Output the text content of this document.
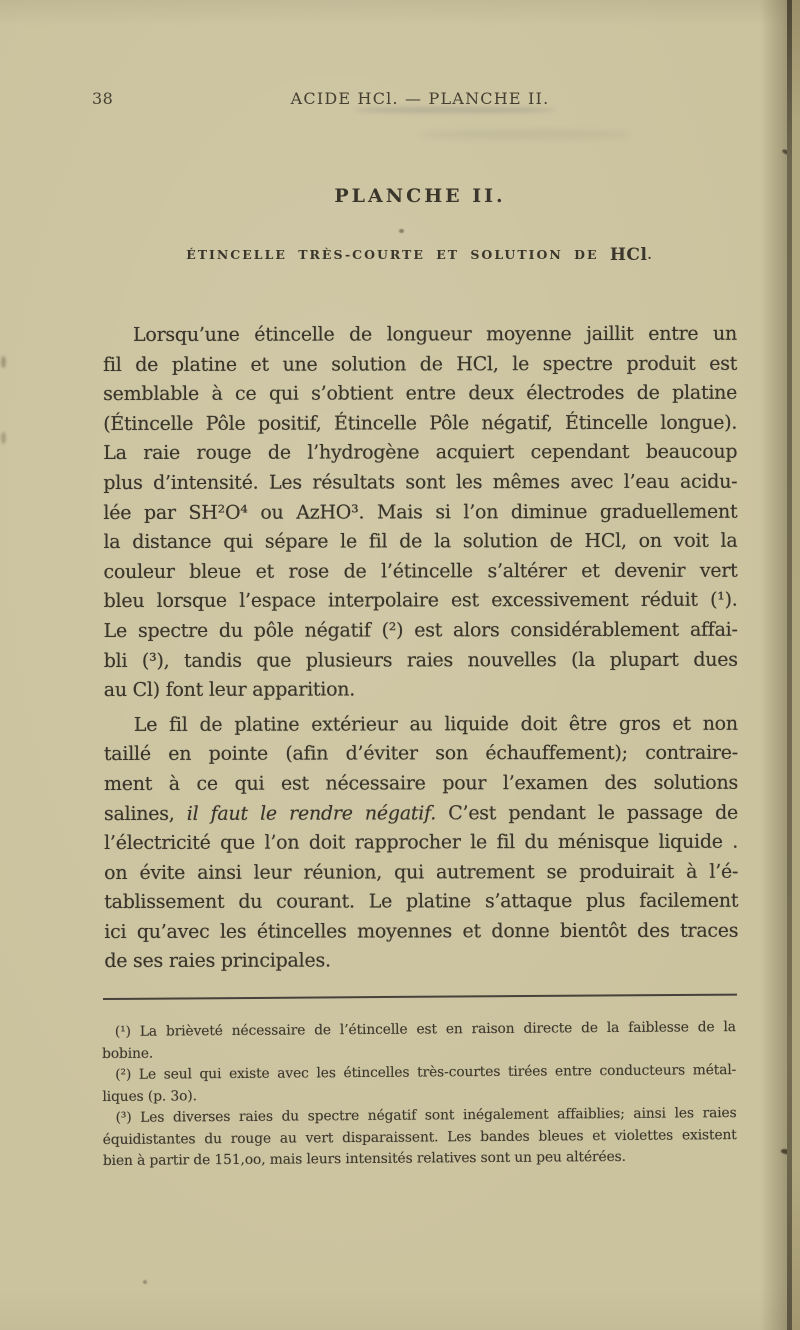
38	ACIDE HCl. — PLANCHE II.
PLANCHE II.
ÉTINCELLE TRÈS-COURTE ET SOLUTION DE HCl.
Lorsqu’une étincelle de longueur moyenne jaillit entre un
fil de platine et une solution de HCl, le spectre produit est
semblable à ce qui s’obtient entre deux électrodes de platine
(Étincelle Pôle positif, Étincelle Pôle négatif, Étincelle longue).
La raie rouge de l’hydrogène acquiert cependant beaucoup
plus d’intensité. Les résultats sont les mêmes avec l’eau acidu-
lée par SH²O⁴ ou AzHO³. Mais si l’on diminue graduellement
la distance qui sépare le fil de la solution de HCl, on voit la
couleur bleue et rose de l’étincelle s’altérer et devenir vert
bleu lorsque l’espace interpolaire est excessivement réduit (¹).
Le spectre du pôle négatif (²) est alors considérablement affai-
bli (³), tandis que plusieurs raies nouvelles (la plupart dues
au Cl) font leur apparition.
Le fil de platine extérieur au liquide doit être gros et non
taillé en pointe (afin d’éviter son échauffement); contraire-
ment à ce qui est nécessaire pour l’examen des solutions
salines, il faut le rendre négatif. C’est pendant le passage de
l’électricité que l’on doit rapprocher le fil du ménisque liquide .
on évite ainsi leur réunion, qui autrement se produirait à l’é-
tablissement du courant. Le platine s’attaque plus facilement
ici qu’avec les étincelles moyennes et donne bientôt des traces
de ses raies principales.
(¹) La brièveté nécessaire de l’étincelle est en raison directe de la faiblesse de la
bobine.
(²) Le seul qui existe avec les étincelles très-courtes tirées entre conducteurs métal-
liques (p. 3o).
(³) Les diverses raies du spectre négatif sont inégalement affaiblies; ainsi les raies
équidistantes du rouge au vert disparaissent. Les bandes bleues et violettes existent
bien à partir de 151,oo, mais leurs intensités relatives sont un peu altérées.
